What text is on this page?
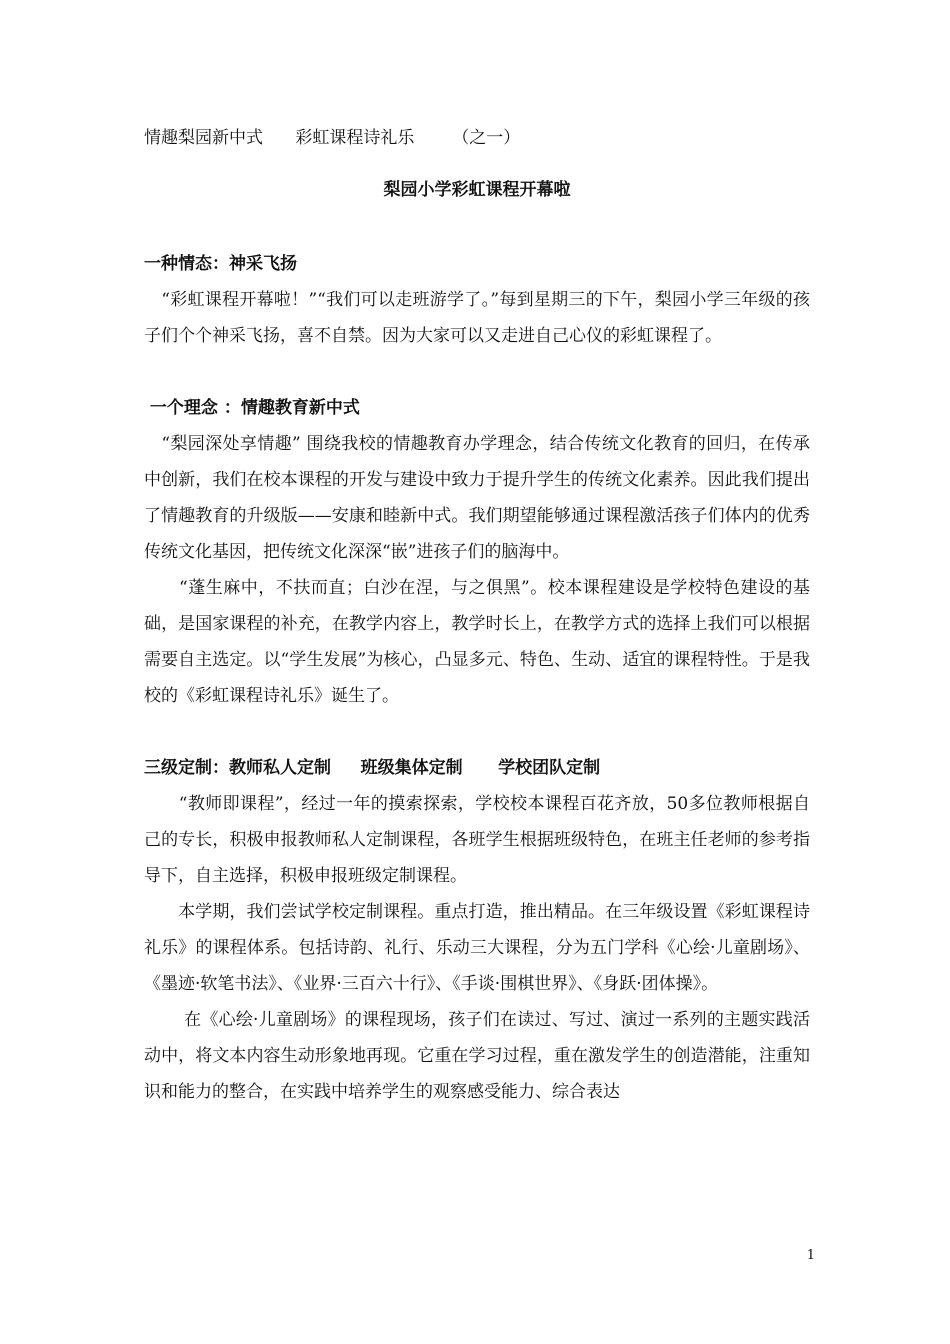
情趣梨园新中式      彩虹课程诗礼乐       （之一）
梨园小学彩虹课程开幕啦
一种情态：神采飞扬

　“彩虹课程开幕啦！”“我们可以走班游学了。”每到星期三的下午，梨园小学三年级的孩子们个个神采飞扬，喜不自禁。因为大家可以又走进自己心仪的彩虹课程了。

一个理念 ：情趣教育新中式

　“梨园深处享情趣” 围绕我校的情趣教育办学理念，结合传统文化教育的回归，在传承中创新，我们在校本课程的开发与建设中致力于提升学生的传统文化素养。因此我们提出了情趣教育的升级版——安康和睦新中式。我们期望能够通过课程激活孩子们体内的优秀传统文化基因，把传统文化深深“嵌”进孩子们的脑海中。

　　“蓬生麻中，不扶而直；白沙在涅，与之俱黑”。校本课程建设是学校特色建设的基础，是国家课程的补充，在教学内容上，教学时长上，在教学方式的选择上我们可以根据需要自主选定。以“学生发展”为核心，凸显多元、特色、生动、适宜的课程特性。于是我校的《彩虹课程诗礼乐》诞生了。

三级定制：教师私人定制     班级集体定制      学校团队定制

　　“教师即课程”，经过一年的摸索探索，学校校本课程百花齐放，50多位教师根据自己的专长，积极申报教师私人定制课程，各班学生根据班级特色，在班主任老师的参考指导下，自主选择，积极申报班级定制课程。

　　本学期，我们尝试学校定制课程。重点打造，推出精品。在三年级设置《彩虹课程诗礼乐》的课程体系。包括诗韵、礼行、乐动三大课程，分为五门学科《心绘·儿童剧场》、《墨迹·软笔书法》、《业界·三百六十行》、《手谈·围棋世界》、《身跃·团体操》。

　　 在《心绘·儿童剧场》的课程现场，孩子们在读过、写过、演过一系列的主题实践活动中，将文本内容生动形象地再现。它重在学习过程，重在激发学生的创造潜能，注重知识和能力的整合，在实践中培养学生的观察感受能力、综合表达

1
